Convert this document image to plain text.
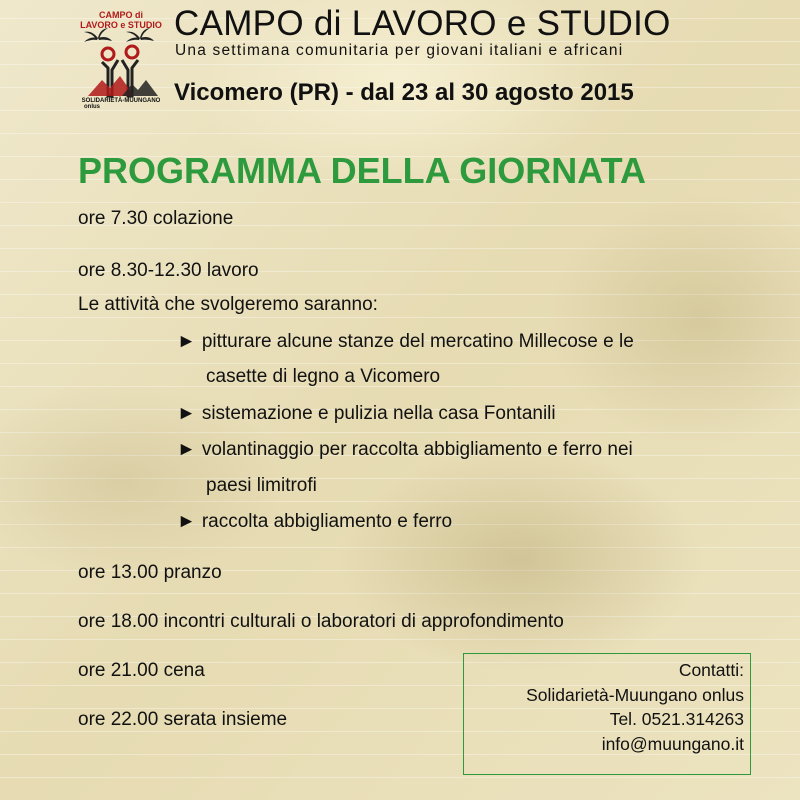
CAMPO di
LAVORO e STUDIO
SOLIDARIETÀ-MUUNGANO
onlus
CAMPO di LAVORO e STUDIO

Una settimana comunitaria per giovani italiani e africani

Vicomero (PR) - dal 23 al 30 agosto 2015

PROGRAMMA DELLA GIORNATA

ore 7.30 colazione

ore 8.30-12.30 lavoro

Le attività che svolgeremo saranno:

► pitturare alcune stanze del mercatino Millecose e le

casette di legno a Vicomero

► sistemazione e pulizia nella casa Fontanili

► volantinaggio per raccolta abbigliamento e ferro nei

paesi limitrofi

► raccolta abbigliamento e ferro

ore 13.00 pranzo

ore 18.00 incontri culturali o laboratori di approfondimento

ore 21.00 cena

ore 22.00 serata insieme

Contatti:
Solidarietà-Muungano onlus
Tel. 0521.314263
info@muungano.it
